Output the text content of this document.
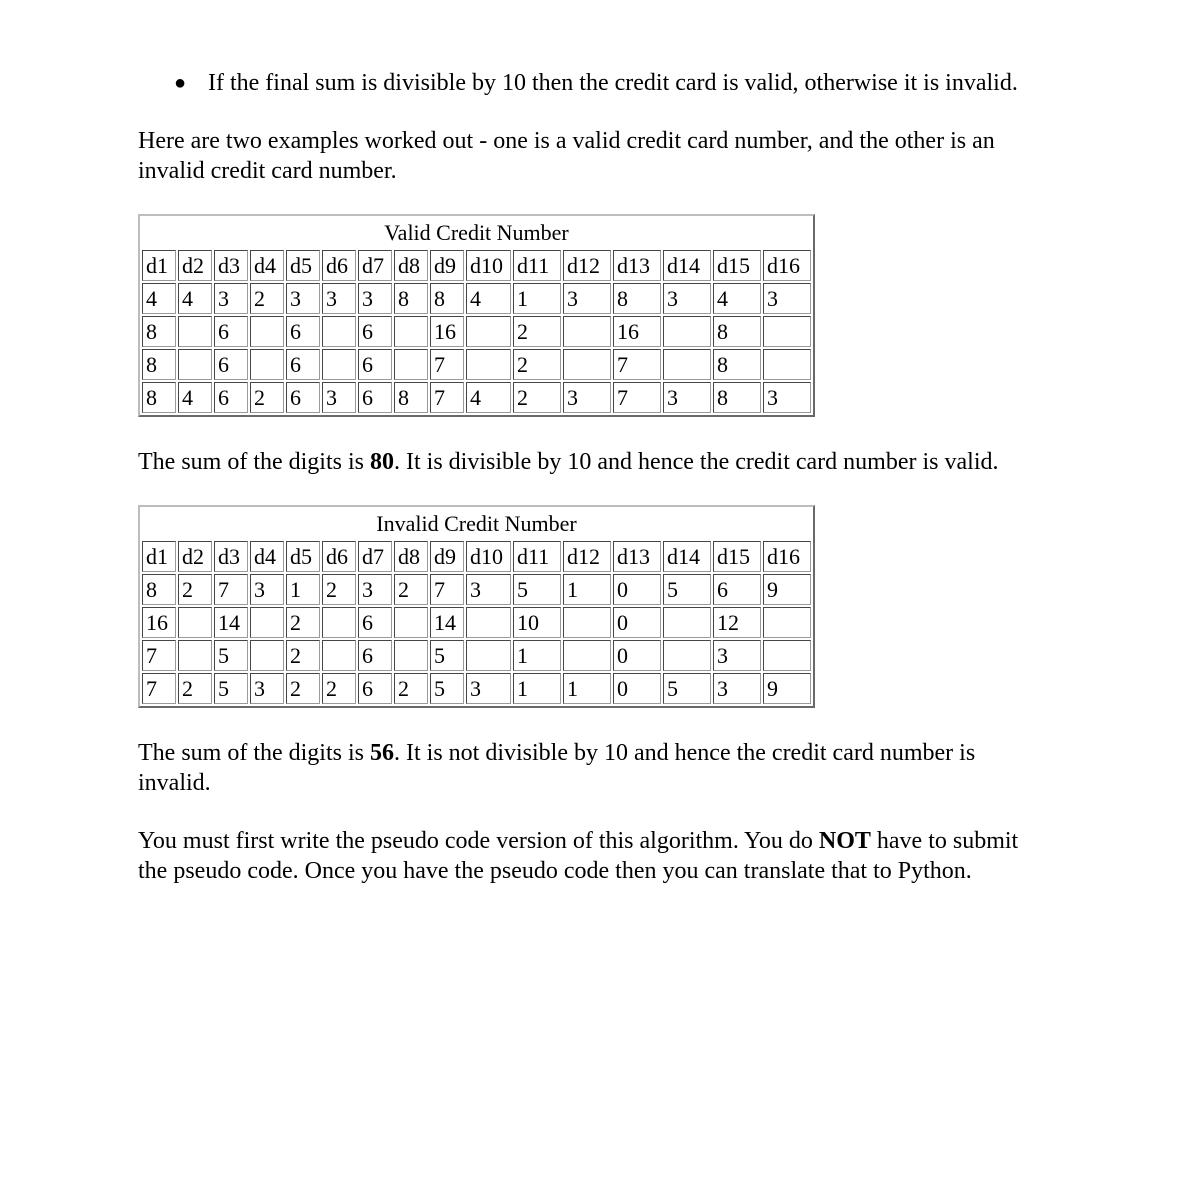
● If the final sum is divisible by 10 then the credit card is valid, otherwise it is invalid.

Here are two examples worked out - one is a valid credit card number, and the other is an invalid credit card number.

Valid Credit Number															
d1	d2	d3	d4	d5	d6	d7	d8	d9	d10	d11	d12	d13	d14	d15	d16
4	4	3	2	3	3	3	8	8	4	1	3	8	3	4	3
8		6		6		6		16		2		16		8	
8		6		6		6		7		2		7		8	
8	4	6	2	6	3	6	8	7	4	2	3	7	3	8	3

The sum of the digits is 80. It is divisible by 10 and hence the credit card number is valid.

Invalid Credit Number															
d1	d2	d3	d4	d5	d6	d7	d8	d9	d10	d11	d12	d13	d14	d15	d16
8	2	7	3	1	2	3	2	7	3	5	1	0	5	6	9
16		14		2		6		14		10		0		12	
7		5		2		6		5		1		0		3	
7	2	5	3	2	2	6	2	5	3	1	1	0	5	3	9

The sum of the digits is 56. It is not divisible by 10 and hence the credit card number is invalid.

You must first write the pseudo code version of this algorithm. You do NOT have to submit the pseudo code. Once you have the pseudo code then you can translate that to Python.
